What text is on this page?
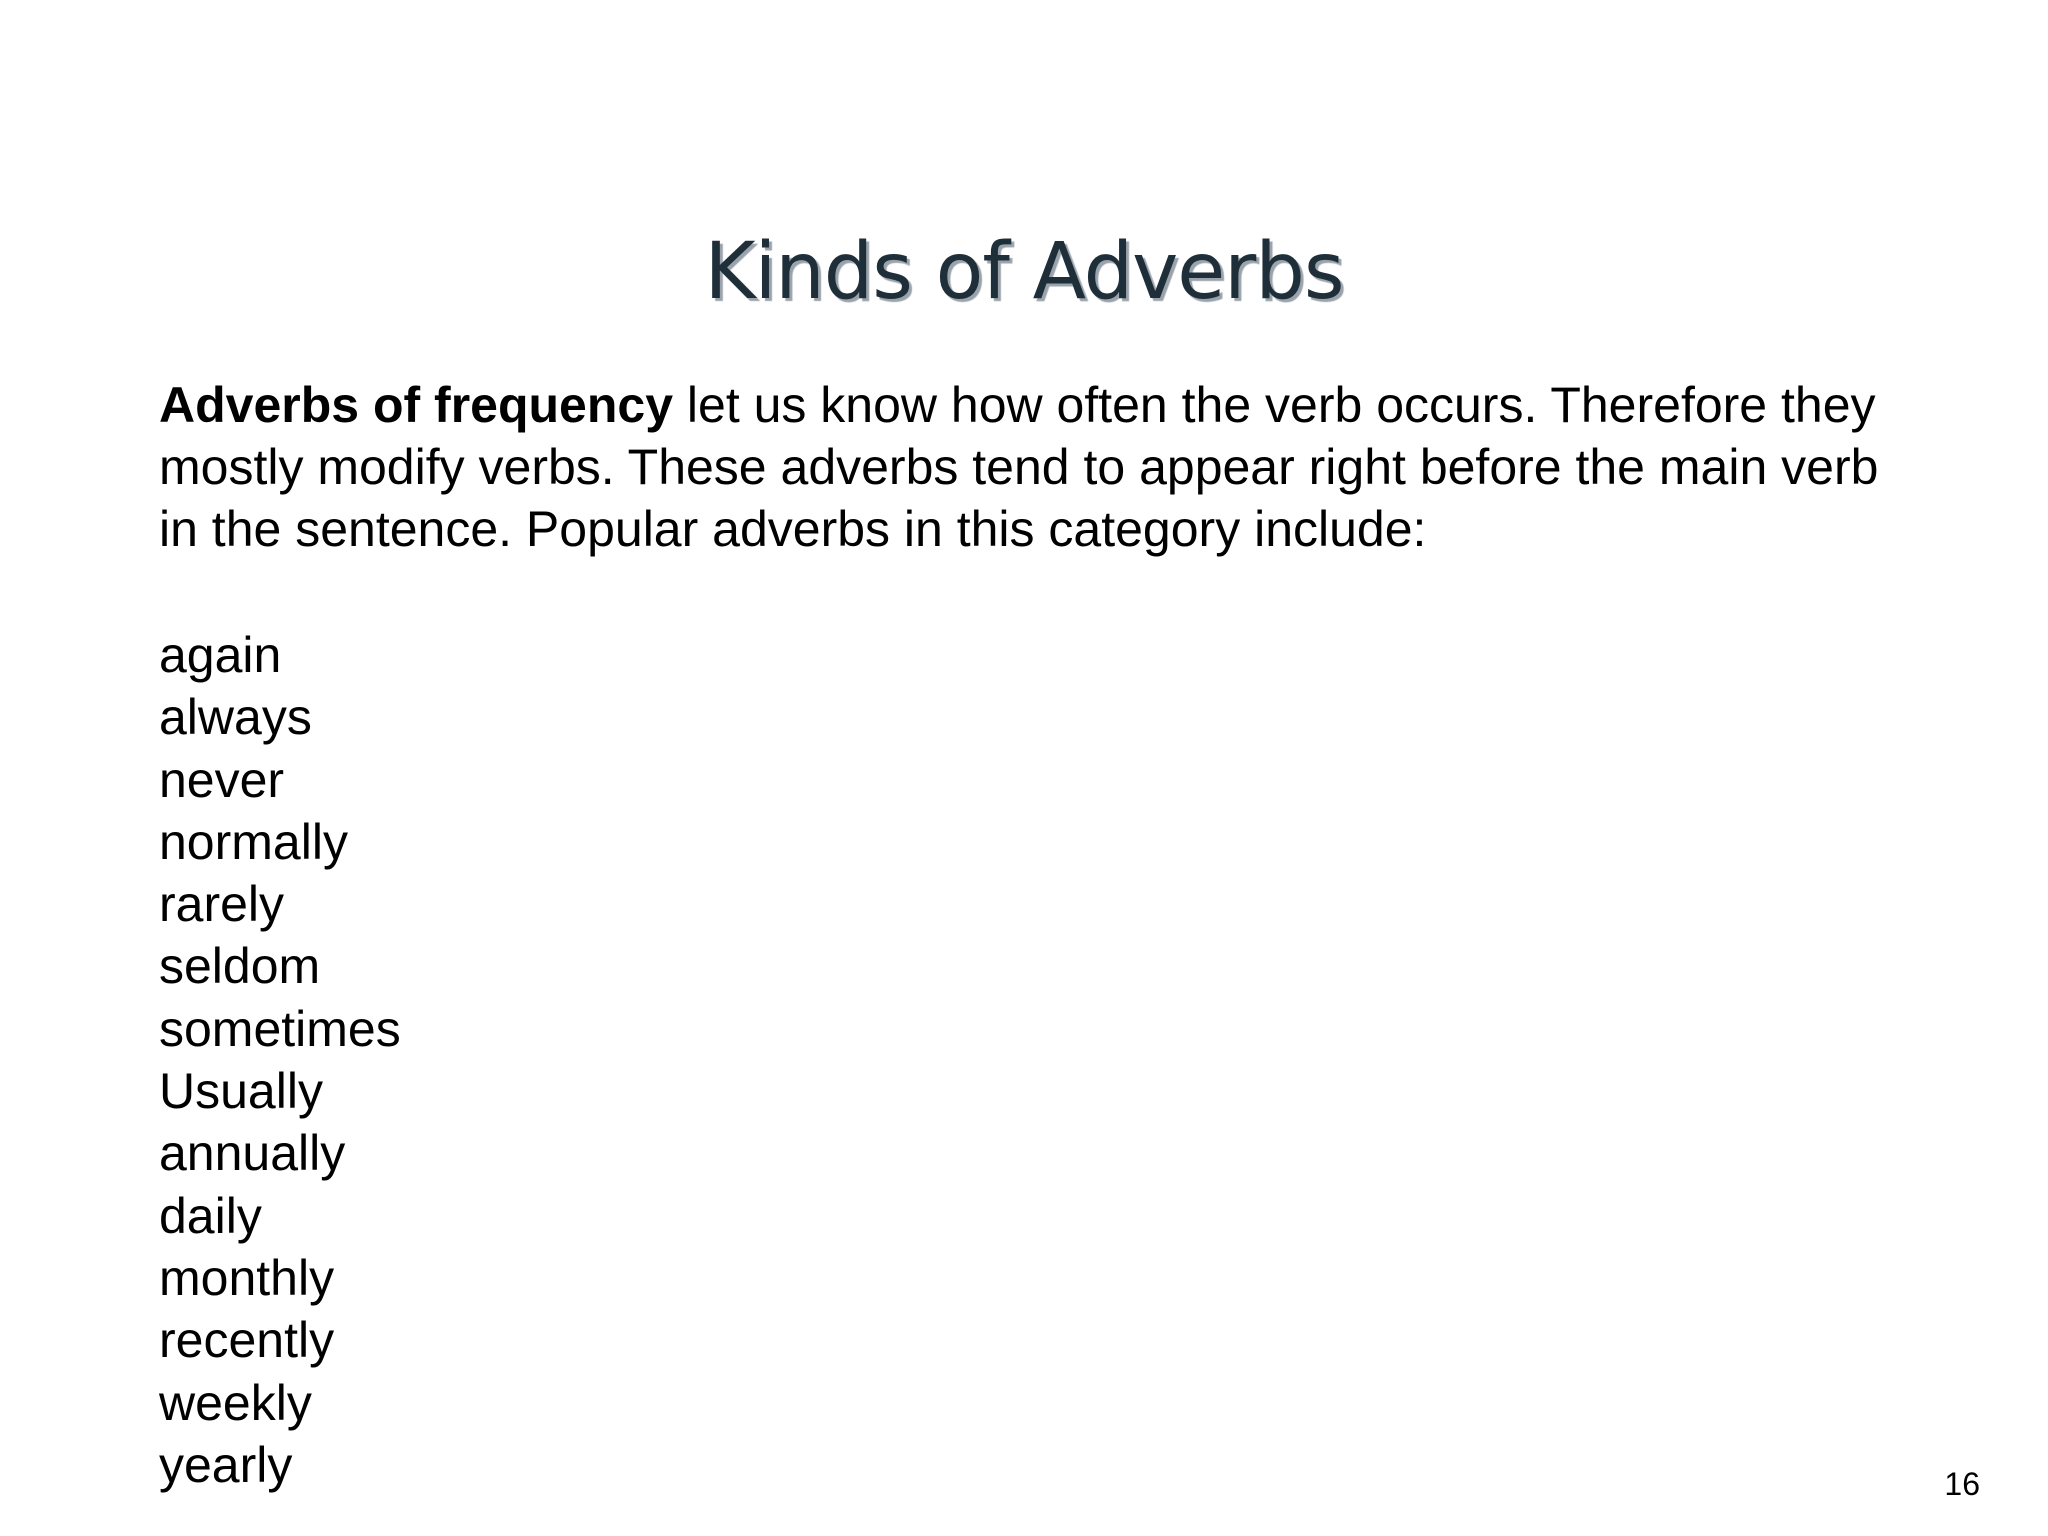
Kinds of Adverbs

Adverbs of frequency let us know how often the verb occurs. Therefore they mostly modify verbs. These adverbs tend to appear right before the main verb in the sentence. Popular adverbs in this category include:

again
always
never
normally
rarely
seldom
sometimes
Usually
annually
daily
monthly
recently
weekly
yearly	16
